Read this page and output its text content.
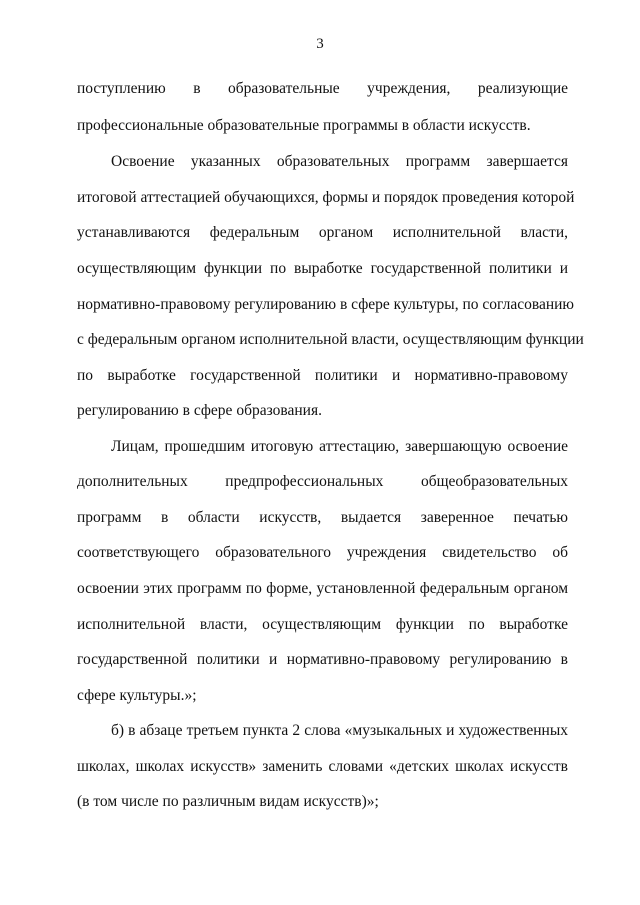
3
поступлению в образовательные учреждения, реализующие
профессиональные образовательные программы в области искусств.
Освоение указанных образовательных программ завершается
итоговой аттестацией обучающихся, формы и порядок проведения которой
устанавливаются федеральным органом исполнительной власти,
осуществляющим функции по выработке государственной политики и
нормативно-правовому регулированию в сфере культуры, по согласованию
с федеральным органом исполнительной власти, осуществляющим функции
по выработке государственной политики и нормативно-правовому
регулированию в сфере образования.
Лицам, прошедшим итоговую аттестацию, завершающую освоение
дополнительных предпрофессиональных общеобразовательных
программ в области искусств, выдается заверенное печатью
соответствующего образовательного учреждения свидетельство об
освоении этих программ по форме, установленной федеральным органом
исполнительной власти, осуществляющим функции по выработке
государственной политики и нормативно-правовому регулированию в
сфере культуры.»;
б) в абзаце третьем пункта 2 слова «музыкальных и художественных
школах, школах искусств» заменить словами «детских школах искусств
(в том числе по различным видам искусств)»;
